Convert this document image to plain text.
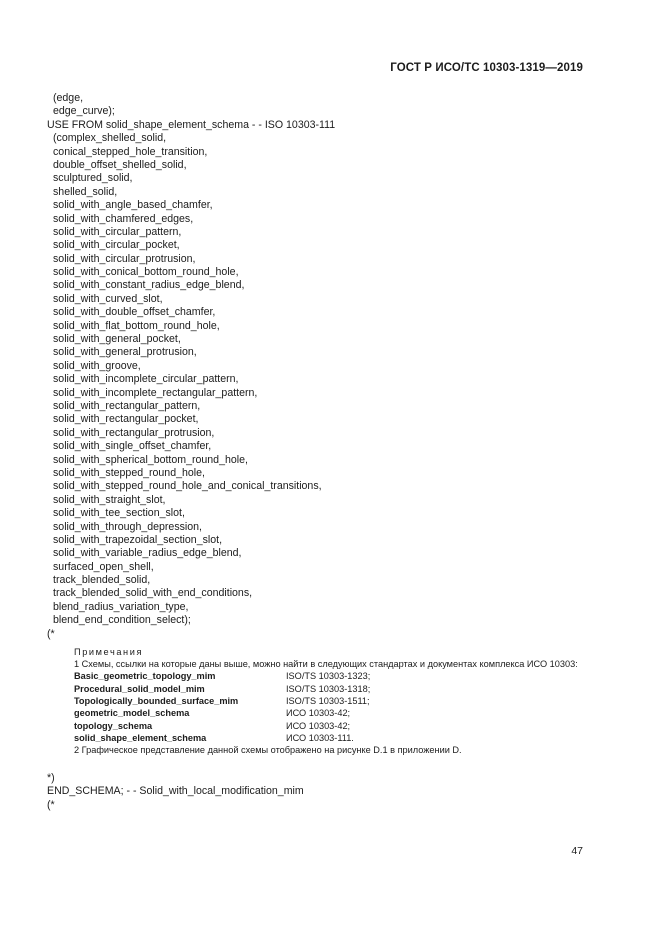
ГОСТ Р ИСО/ТС 10303-1319—2019
(edge,
edge_curve);
USE FROM solid_shape_element_schema - - ISO 10303-111
(complex_shelled_solid,
conical_stepped_hole_transition,
double_offset_shelled_solid,
sculptured_solid,
shelled_solid,
solid_with_angle_based_chamfer,
solid_with_chamfered_edges,
solid_with_circular_pattern,
solid_with_circular_pocket,
solid_with_circular_protrusion,
solid_with_conical_bottom_round_hole,
solid_with_constant_radius_edge_blend,
solid_with_curved_slot,
solid_with_double_offset_chamfer,
solid_with_flat_bottom_round_hole,
solid_with_general_pocket,
solid_with_general_protrusion,
solid_with_groove,
solid_with_incomplete_circular_pattern,
solid_with_incomplete_rectangular_pattern,
solid_with_rectangular_pattern,
solid_with_rectangular_pocket,
solid_with_rectangular_protrusion,
solid_with_single_offset_chamfer,
solid_with_spherical_bottom_round_hole,
solid_with_stepped_round_hole,
solid_with_stepped_round_hole_and_conical_transitions,
solid_with_straight_slot,
solid_with_tee_section_slot,
solid_with_through_depression,
solid_with_trapezoidal_section_slot,
solid_with_variable_radius_edge_blend,
surfaced_open_shell,
track_blended_solid,
track_blended_solid_with_end_conditions,
blend_radius_variation_type,
blend_end_condition_select);
(*
Примечания
1 Схемы, ссылки на которые даны выше, можно найти в следующих стандартах и документах комплекса ИСО 10303:
Basic_geometric_topology_mim	ISO/TS 10303-1323;
Procedural_solid_model_mim	ISO/TS 10303-1318;
Topologically_bounded_surface_mim	ISO/TS 10303-1511;
geometric_model_schema	ИСО 10303-42;
topology_schema	ИСО 10303-42;
solid_shape_element_schema	ИСО 10303-111.
2 Графическое представление данной схемы отображено на рисунке D.1 в приложении D.
*)
END_SCHEMA; - - Solid_with_local_modification_mim
(*
47
